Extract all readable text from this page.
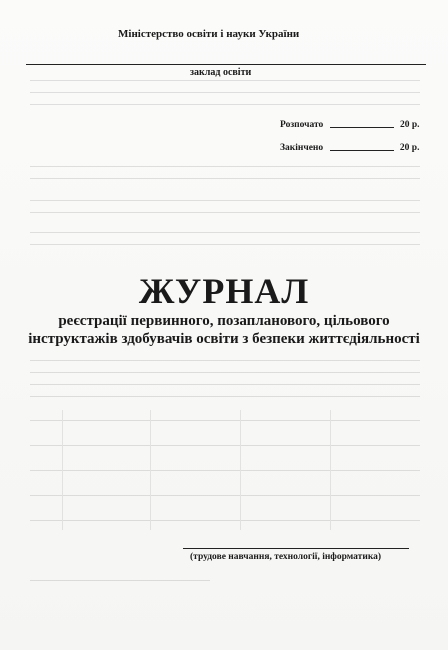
Міністерство освіти і науки України
заклад освіти
Розпочато	20 р.
Закінчено	20 р.
ЖУРНАЛ
реєстрації первинного, позапланового, цільового
інструктажів здобувачів освіти з безпеки життєдіяльності
(трудове навчання, технології, інформатика)
